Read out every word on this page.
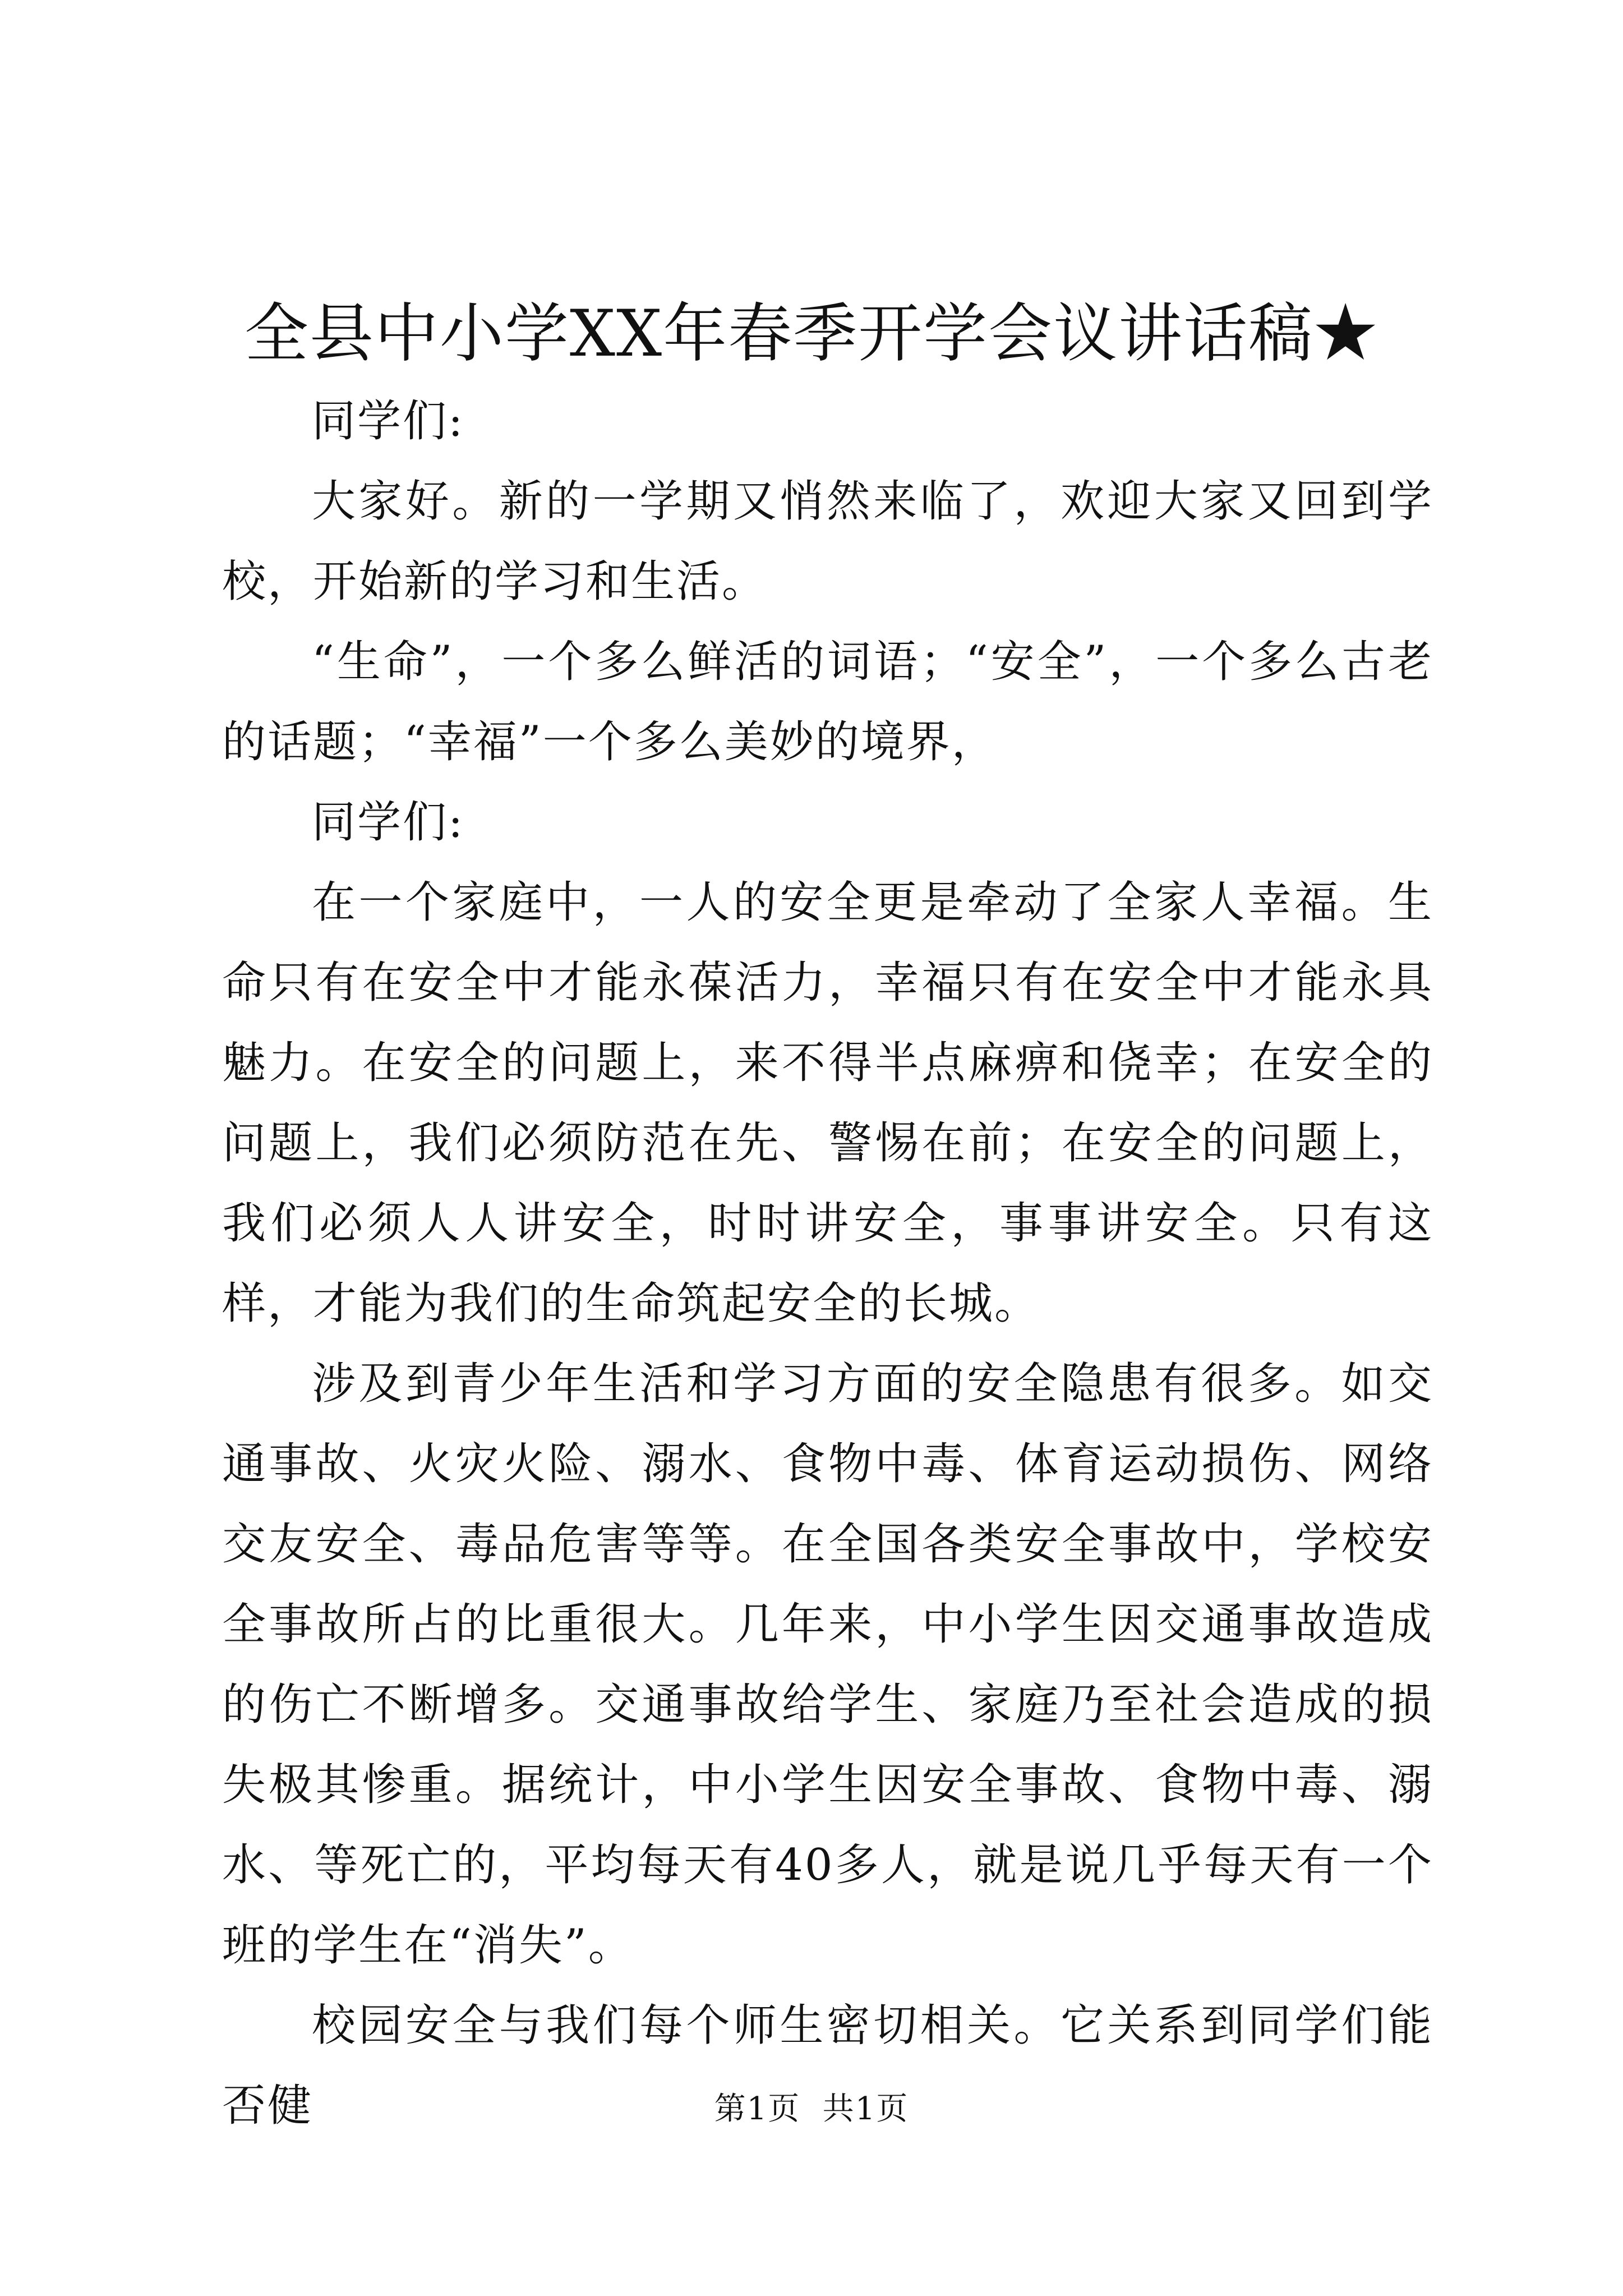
全县中小学XX年春季开学会议讲话稿★

同学们:

大家好。新的一学期又悄然来临了，欢迎大家又回到学校，开始新的学习和生活。

“生命”，一个多么鲜活的词语；“安全”，一个多么古老的话题；“幸福”一个多么美妙的境界，

同学们:

在一个家庭中，一人的安全更是牵动了全家人幸福。生命只有在安全中才能永葆活力，幸福只有在安全中才能永具魅力。在安全的问题上，来不得半点麻痹和侥幸；在安全的问题上，我们必须防范在先、警惕在前；在安全的问题上，我们必须人人讲安全，时时讲安全，事事讲安全。只有这样，才能为我们的生命筑起安全的长城。

涉及到青少年生活和学习方面的安全隐患有很多。如交通事故、火灾火险、溺水、食物中毒、体育运动损伤、网络交友安全、毒品危害等等。在全国各类安全事故中，学校安全事故所占的比重很大。几年来，中小学生因交通事故造成的伤亡不断增多。交通事故给学生、家庭乃至社会造成的损失极其惨重。据统计，中小学生因安全事故、食物中毒、溺水、等死亡的，平均每天有40多人，就是说几乎每天有一个班的学生在“消失”。

校园安全与我们每个师生密切相关。它关系到同学们能否健	第1页  共1页
